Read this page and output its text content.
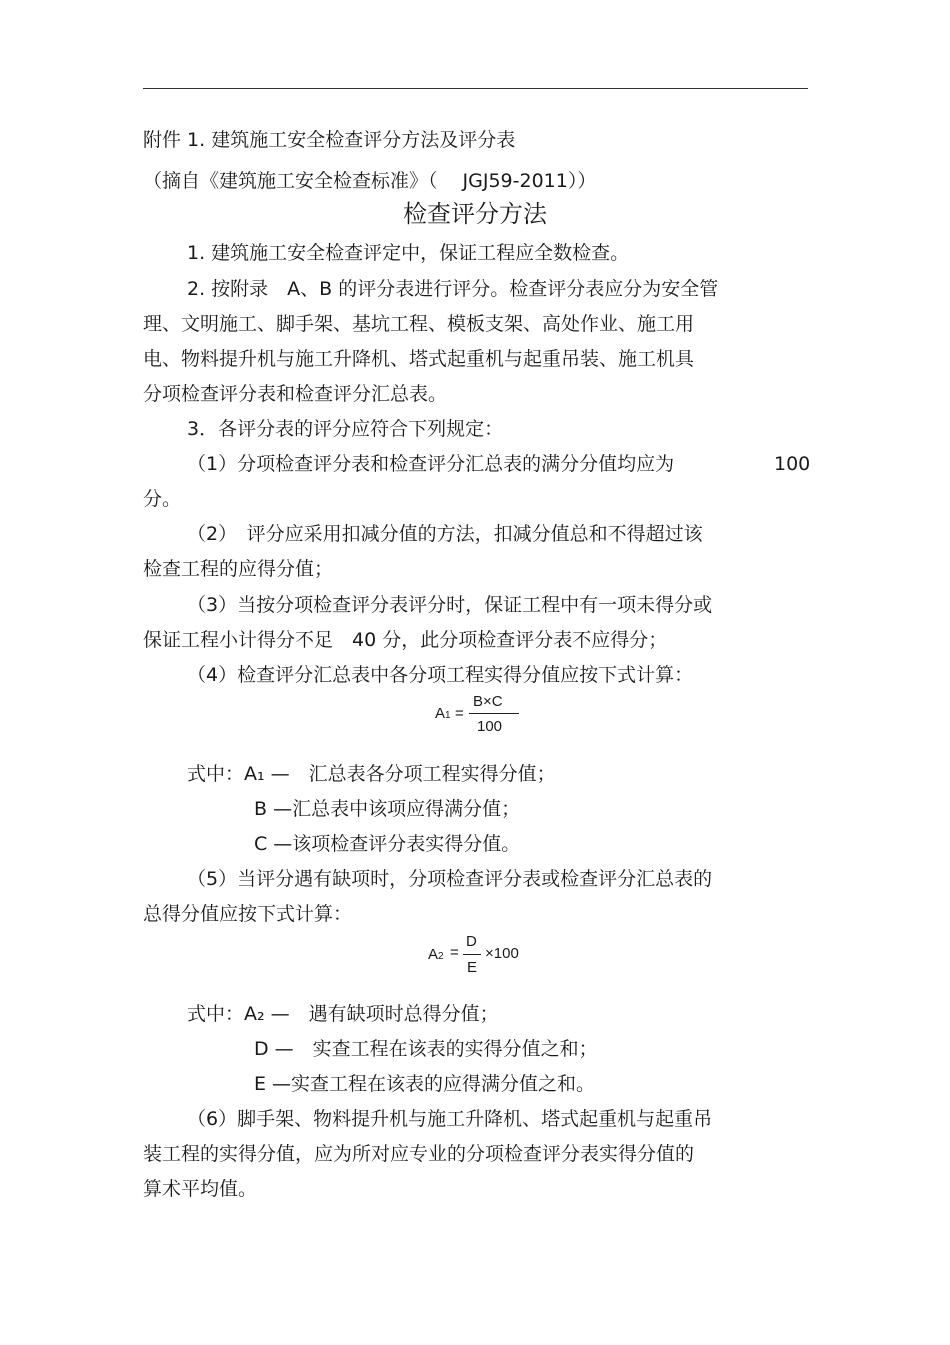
附件 1. 建筑施工安全检查评分方法及评分表
（摘自《建筑施工安全检查标准》（　 JGJ59-2011））
检查评分方法
1. 建筑施工安全检查评定中，保证工程应全数检查。
2. 按附录　A、B 的评分表进行评分。检查评分表应分为安全管
理、文明施工、脚手架、基坑工程、模板支架、高处作业、施工用
电、物料提升机与施工升降机、塔式起重机与起重吊装、施工机具
分项检查评分表和检查评分汇总表。
3．各评分表的评分应符合下列规定：
（1）分项检查评分表和检查评分汇总表的满分分值均应为	100
分。
（2）　评分应采用扣减分值的方法，扣减分值总和不得超过该
检查工程的应得分值；
（3）当按分项检查评分表评分时，保证工程中有一项未得分或
保证工程小计得分不足　40 分，此分项检查评分表不应得分；
（4）检查评分汇总表中各分项工程实得分值应按下式计算：
A1 =
B×C
100
式中：A₁ —　汇总表各分项工程实得分值；
B —汇总表中该项应得满分值；
C —该项检查评分表实得分值。
（5）当评分遇有缺项时，分项检查评分表或检查评分汇总表的
总得分值应按下式计算：
A2 =
D
E
×100
式中：A₂ —　遇有缺项时总得分值；
D —　实查工程在该表的实得分值之和；
E —实查工程在该表的应得满分值之和。
（6）脚手架、物料提升机与施工升降机、塔式起重机与起重吊
装工程的实得分值，应为所对应专业的分项检查评分表实得分值的
算术平均值。
